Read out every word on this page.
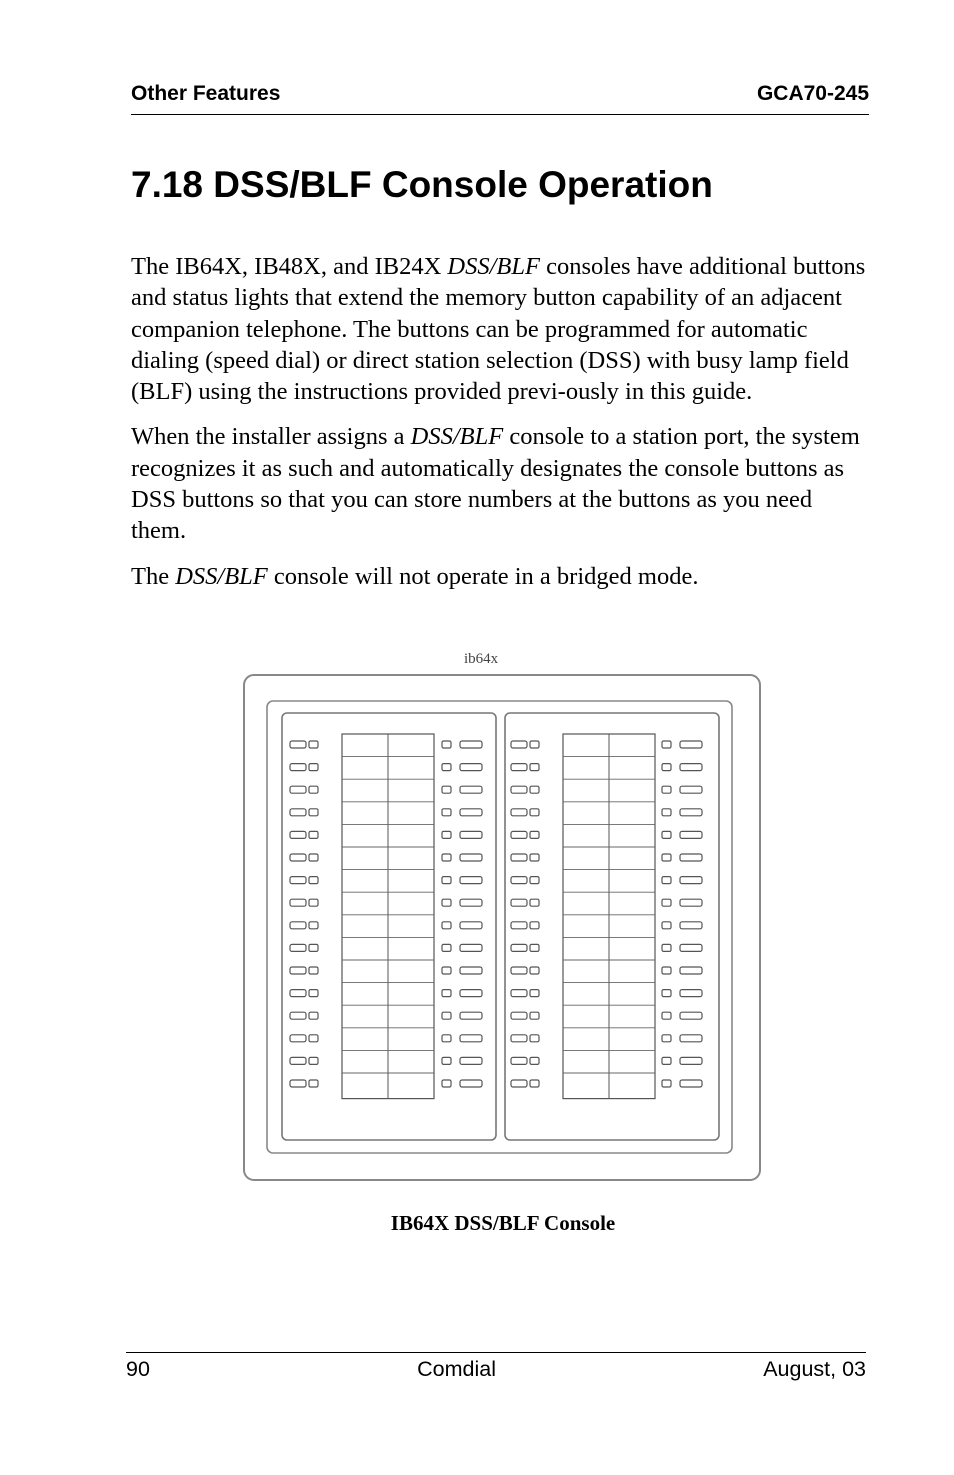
Other Features	GCA70-245
7.18 DSS/BLF Console Operation

The IB64X, IB48X, and IB24X DSS/BLF consoles have additional buttons and status lights that extend the memory button capability of an adjacent companion telephone. The buttons can be programmed for automatic dialing (speed dial) or direct station selection (DSS) with busy lamp field (BLF) using the instructions provided previ-ously in this guide.

When the installer assigns a DSS/BLF console to a station port, the system recognizes it as such and automatically designates the console buttons as DSS buttons so that you can store numbers at the buttons as you need them.

The DSS/BLF console will not operate in a bridged mode.

ib64x
IB64X DSS/BLF Console
90	Comdial	August, 03
